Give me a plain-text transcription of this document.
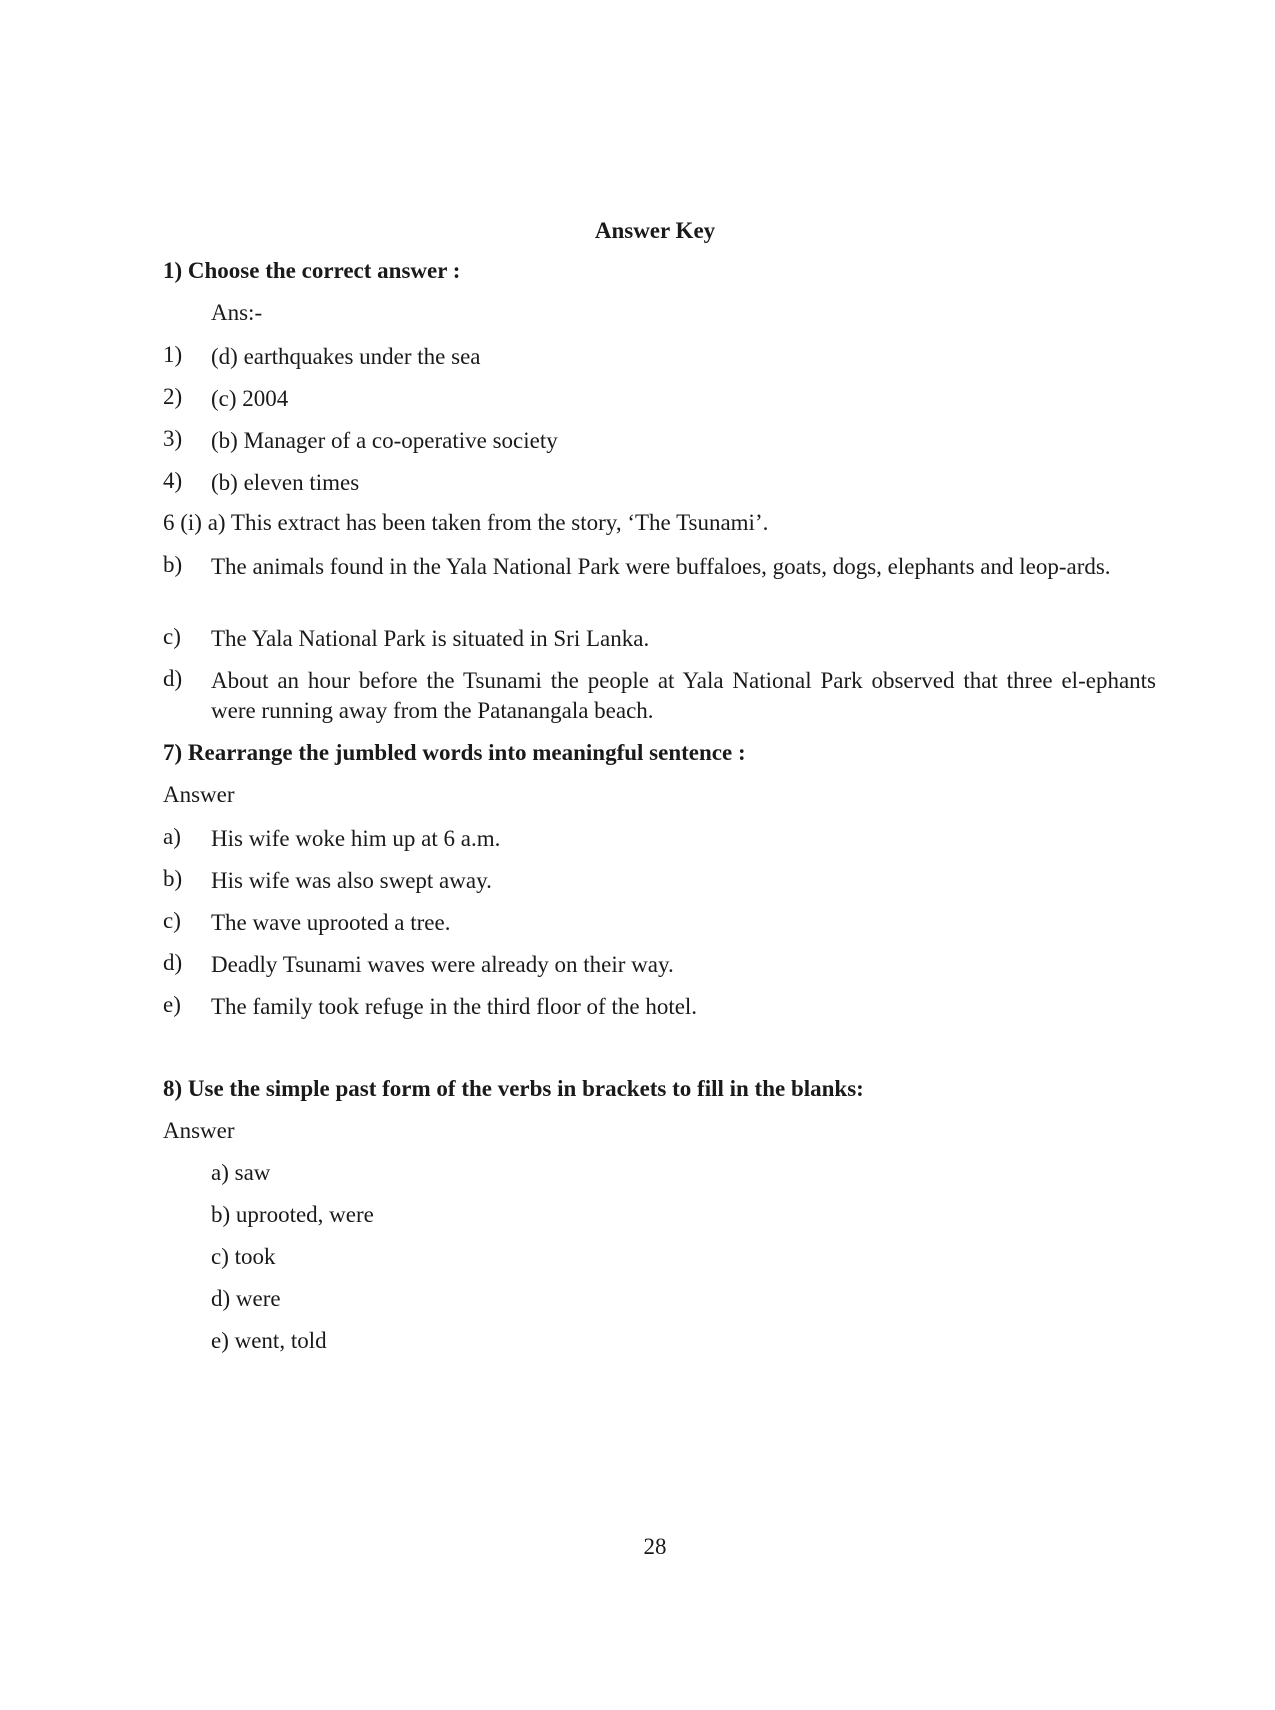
Answer Key
1) Choose the correct answer :
Ans:-
1) (d) earthquakes under the sea
2) (c) 2004
3) (b) Manager of a co-operative society
4) (b) eleven times
6 (i) a) This extract has been taken from the story, ‘The Tsunami’.
b) The animals found in the Yala National Park were buffaloes, goats, dogs, elephants and leop-ards.
c) The Yala National Park is situated in Sri Lanka.
d) About an hour before the Tsunami the people at Yala National Park observed that three el-ephants were running away from the Patanangala beach.
7) Rearrange the jumbled words into meaningful sentence :
Answer
a) His wife woke him up at 6 a.m.
b) His wife was also swept away.
c) The wave uprooted a tree.
d) Deadly Tsunami waves were already on their way.
e) The family took refuge in the third floor of the hotel.
8) Use the simple past form of the verbs in brackets to fill in the blanks:
Answer
a) saw
b) uprooted, were
c) took
d) were
e) went, told
28
